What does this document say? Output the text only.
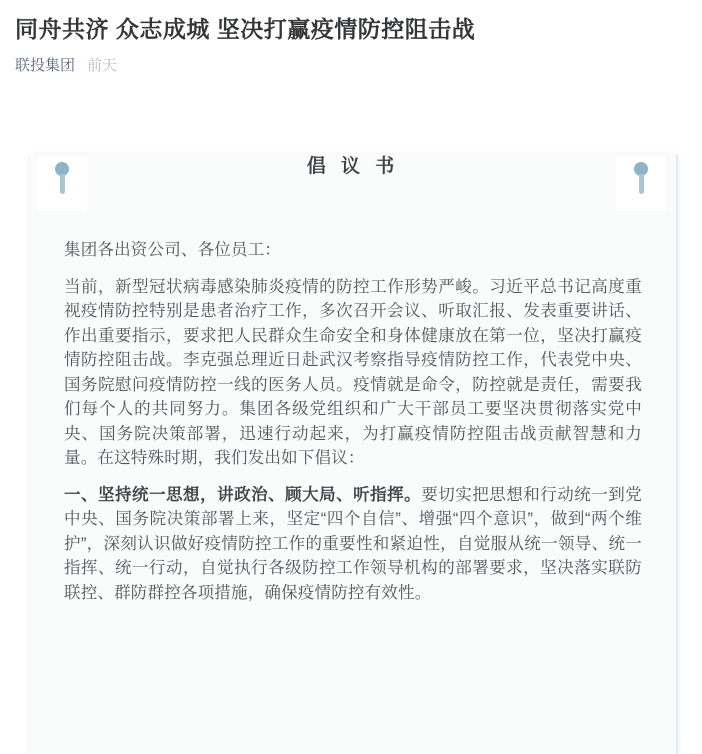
同舟共济 众志成城 坚决打赢疫情防控阻击战
联投集团 前天
倡 议 书

集团各出资公司、各位员工：

当前，新型冠状病毒感染肺炎疫情的防控工作形势严峻。习近平总书记高度重视疫情防控特别是患者治疗工作，多次召开会议、听取汇报、发表重要讲话、作出重要指示，要求把人民群众生命安全和身体健康放在第一位，坚决打赢疫情防控阻击战。李克强总理近日赴武汉考察指导疫情防控工作，代表党中央、国务院慰问疫情防控一线的医务人员。疫情就是命令，防控就是责任，需要我们每个人的共同努力。集团各级党组织和广大干部员工要坚决贯彻落实党中央、国务院决策部署，迅速行动起来，为打赢疫情防控阻击战贡献智慧和力量。在这特殊时期，我们发出如下倡议：

一、坚持统一思想，讲政治、顾大局、听指挥。要切实把思想和行动统一到党中央、国务院决策部署上来，坚定“四个自信”、增强“四个意识”，做到“两个维护”，深刻认识做好疫情防控工作的重要性和紧迫性，自觉服从统一领导、统一指挥、统一行动，自觉执行各级防控工作领导机构的部署要求，坚决落实联防联控、群防群控各项措施，确保疫情防控有效性。
